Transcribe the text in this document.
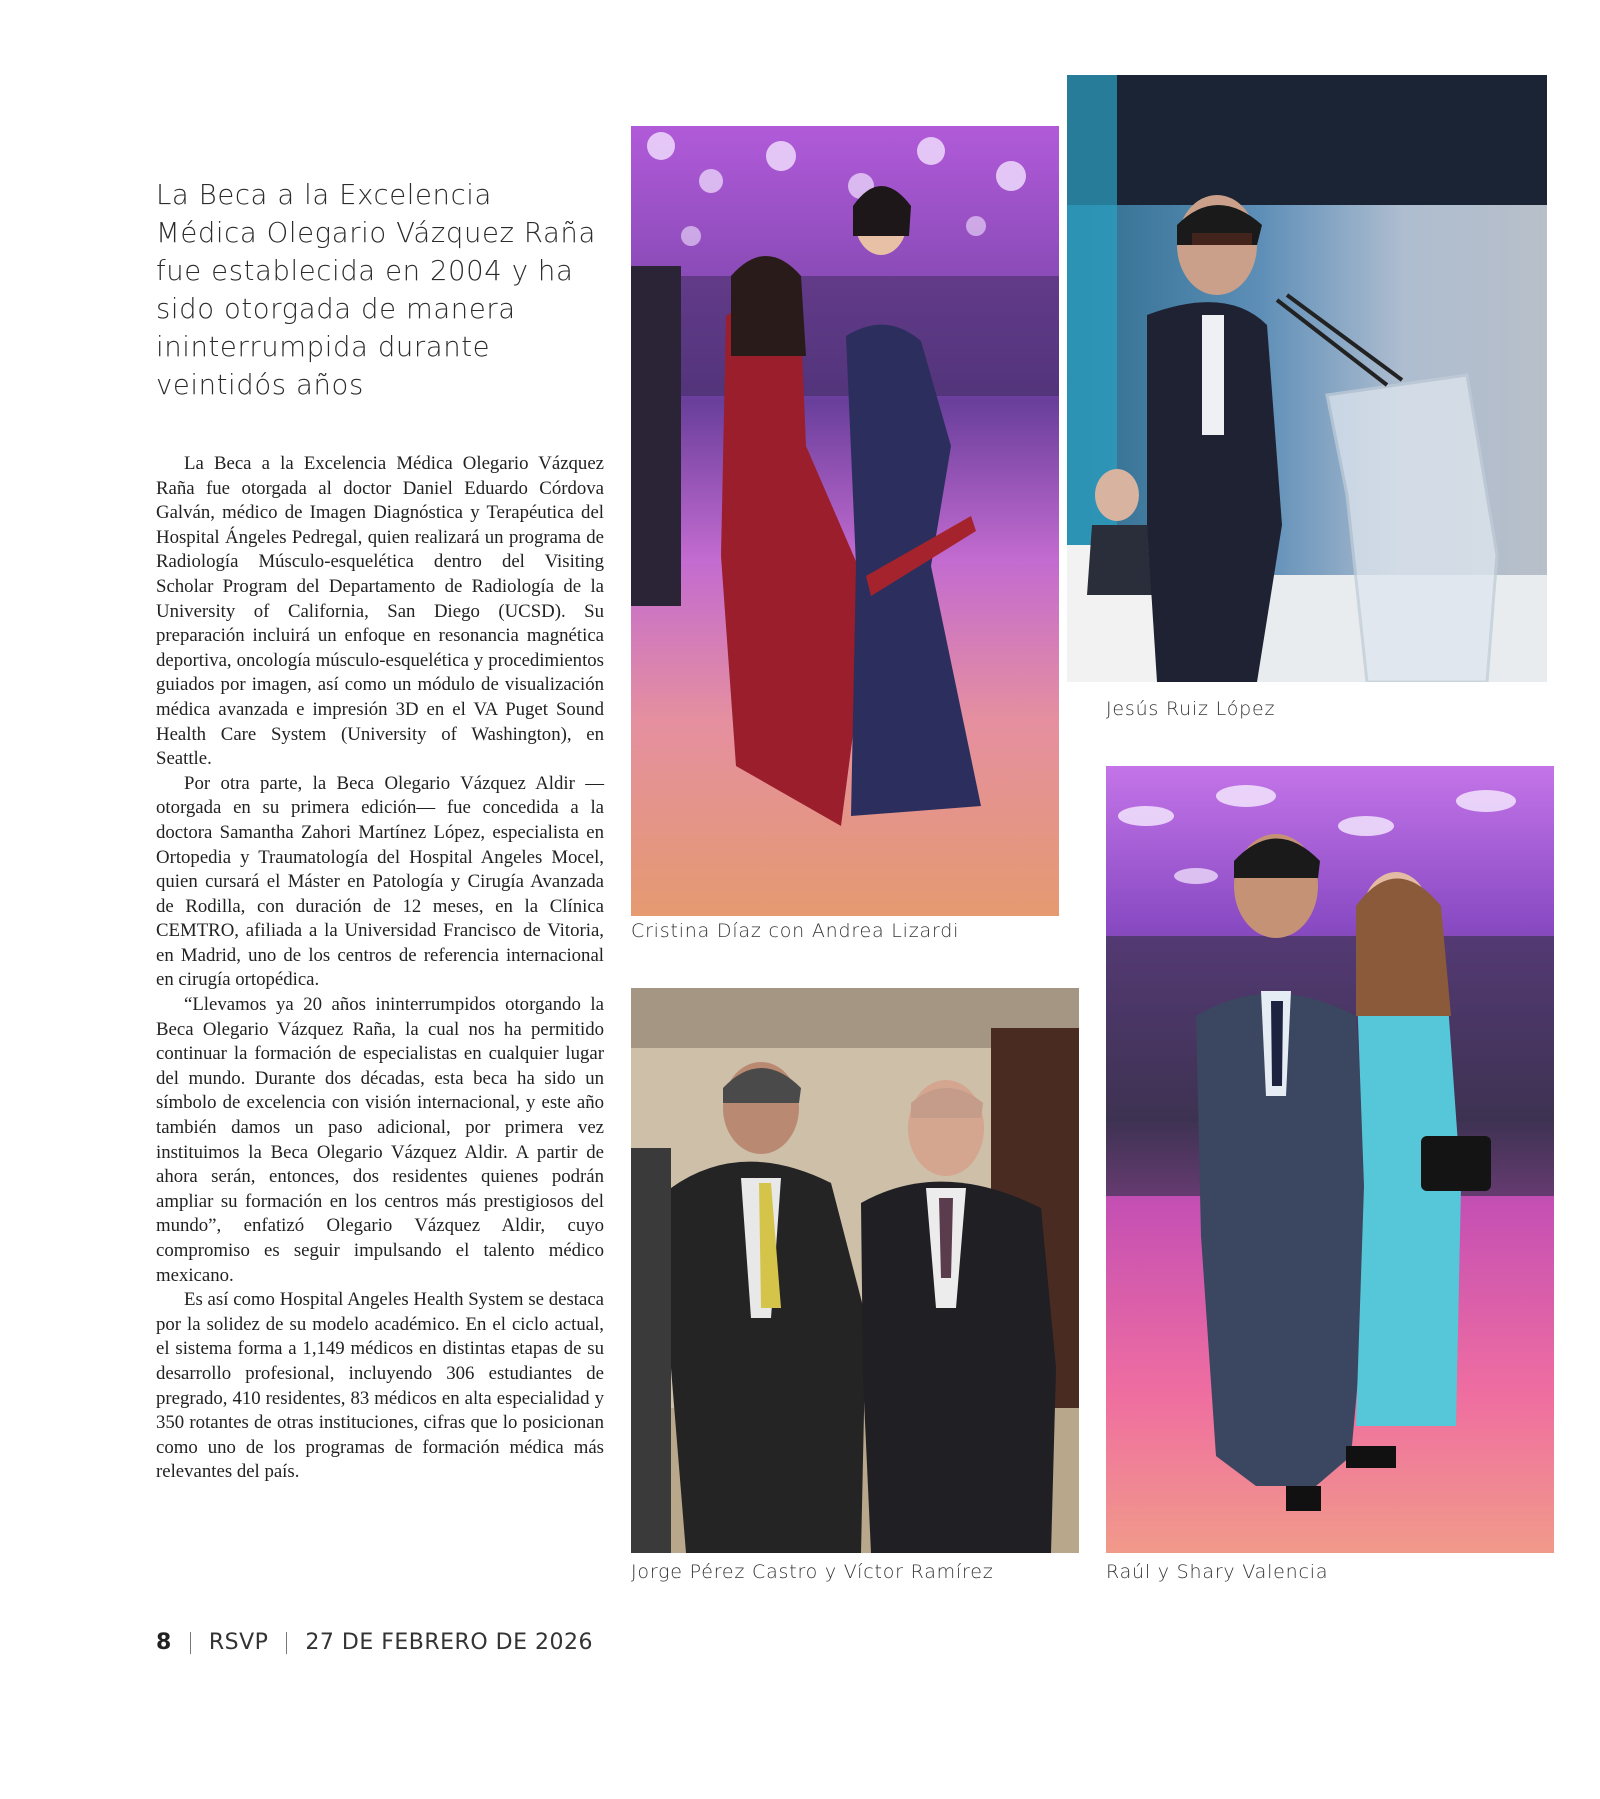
La Beca a la Excelencia Médica Olegario Vázquez Raña fue establecida en 2004 y ha sido otorgada de manera ininterrumpida durante veintidós años

La Beca a la Excelencia Médica Olegario Vázquez Raña fue otorgada al doctor Daniel Eduardo Córdova Galván, médico de Imagen Diagnóstica y Terapéutica del Hospital Ángeles Pedregal, quien realizará un programa de Radiología Músculo-esquelética dentro del Visiting Scholar Program del Departamento de Radiología de la University of California, San Diego (UCSD). Su preparación incluirá un enfoque en resonancia magnética deportiva, oncología músculo-esquelética y procedimientos guiados por imagen, así como un módulo de visualización médica avanzada e impresión 3D en el VA Puget Sound Health Care System (University of Washington), en Seattle.

Por otra parte, la Beca Olegario Vázquez Aldir —otorgada en su primera edición— fue concedida a la doctora Samantha Zahori Martínez López, especialista en Ortopedia y Traumatología del Hospital Angeles Mocel, quien cursará el Máster en Patología y Cirugía Avanzada de Rodilla, con duración de 12 meses, en la Clínica CEMTRO, afiliada a la Universidad Francisco de Vitoria, en Madrid, uno de los centros de referencia internacional en cirugía ortopédica.

“Llevamos ya 20 años ininterrumpidos otorgando la Beca Olegario Vázquez Raña, la cual nos ha permitido continuar la formación de especialistas en cualquier lugar del mundo. Durante dos décadas, esta beca ha sido un símbolo de excelencia con visión internacional, y este año también damos un paso adicional, por primera vez instituimos la Beca Olegario Vázquez Aldir. A partir de ahora serán, entonces, dos residentes quienes podrán ampliar su formación en los centros más prestigiosos del mundo”, enfatizó Olegario Vázquez Aldir, cuyo compromiso es seguir impulsando el talento médico mexicano.

Es así como Hospital Angeles Health System se destaca por la solidez de su modelo académico. En el ciclo actual, el sistema forma a 1,149 médicos en distintas etapas de su desarrollo profesional, incluyendo 306 estudiantes de pregrado, 410 residentes, 83 médicos en alta especialidad y 350 rotantes de otras instituciones, cifras que lo posicionan como uno de los programas de formación médica más relevantes del país.

Cristina Díaz con Andrea Lizardi

Jesús Ruiz López

Jorge Pérez Castro y Víctor Ramírez	Raúl y Shary Valencia

8 RSVP 27 DE FEBRERO DE 2026
